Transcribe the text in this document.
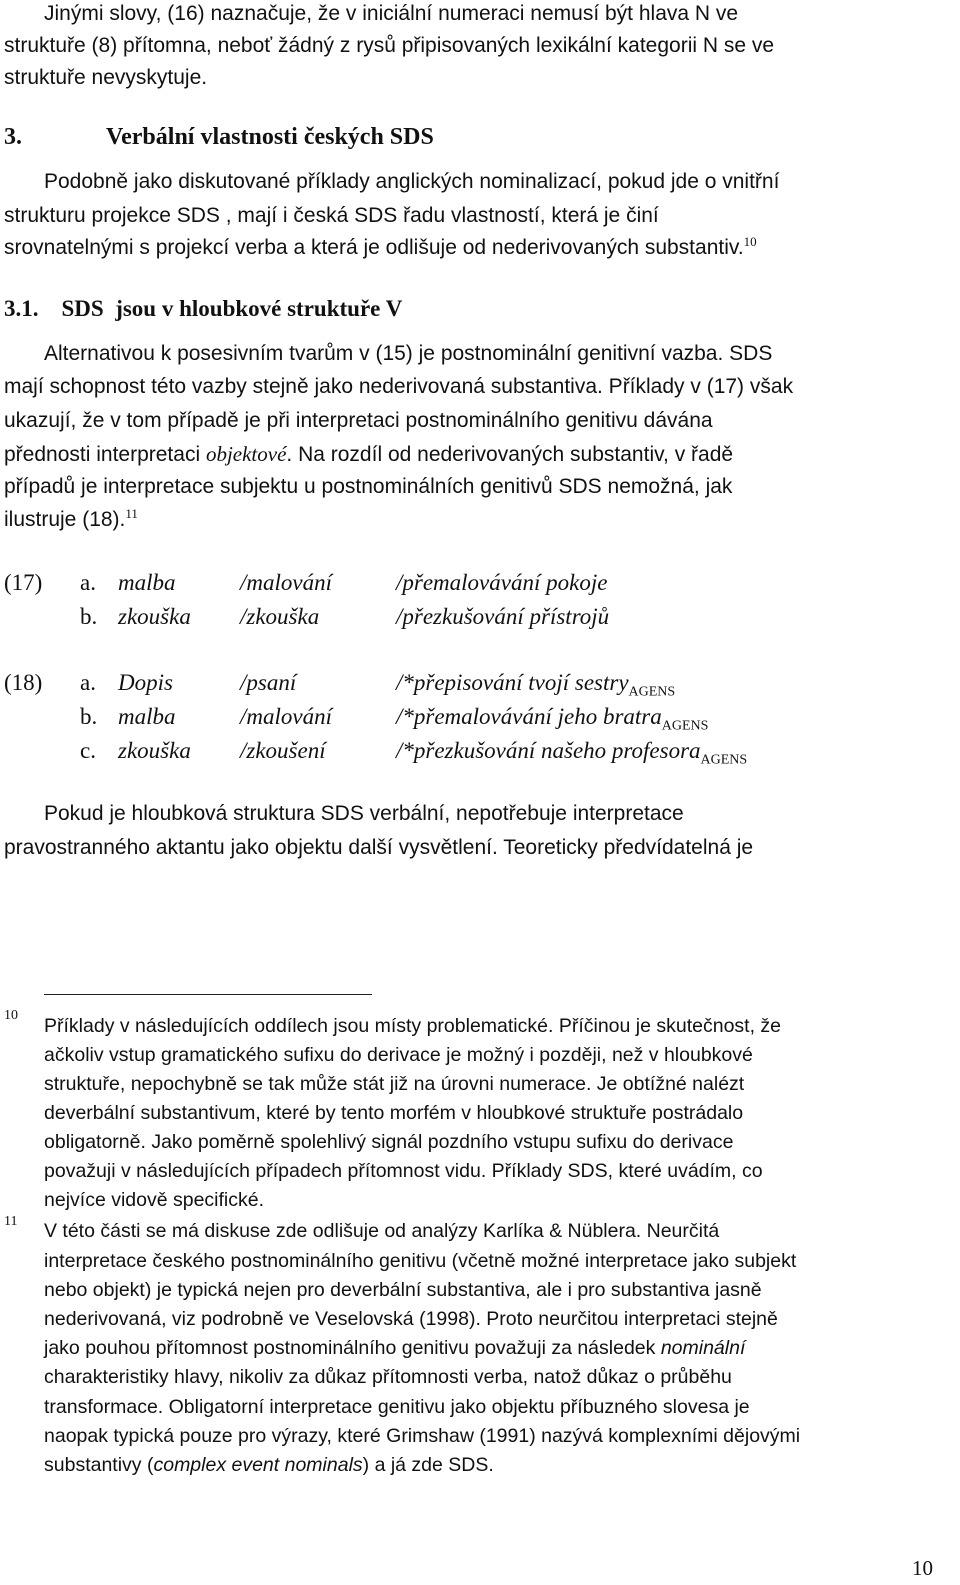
Jinými slovy, (16) naznačuje, že v iniciální numeraci nemusí být hlava N ve
struktuře (8) přítomna, neboť žádný z rysů připisovaných lexikální kategorii N se ve
struktuře nevyskytuje.
3.	Verbální vlastnosti českých SDS
Podobně jako diskutované příklady anglických nominalizací, pokud jde o vnitřní
strukturu projekce SDS , mají i česká SDS řadu vlastností, která je činí
srovnatelnými s projekcí verba a která je odlišuje od nederivovaných substantiv.$^{10}$
3.1.    SDS  jsou v hloubkové struktuře V
Alternativou k posesivním tvarům v (15) je postnominální genitivní vazba. SDS
mají schopnost této vazby stejně jako nederivovaná substantiva. Příklady v (17) však
ukazují, že v tom případě je při interpretaci postnominálního genitivu dávána
přednosti interpretaci objektové. Na rozdíl od nederivovaných substantiv, v řadě
případů je interpretace subjektu u postnominálních genitivů SDS nemožná, jak
ilustruje (18).$^{11}$
(17) a. malba	/malování	/přemalovávání pokoje
b. zkouška /zkouška	/přezkušování přístrojů
(18) a. Dopis	/psaní	/*přepisování tvojí sestry$_{AGENS}$
b. malba	/malování	/*přemalovávání jeho bratra$_{AGENS}$
c. zkouška /zkoušení	/*přezkušování našeho profesora$_{AGENS}$
Pokud je hloubková struktura SDS verbální, nepotřebuje interpretace
pravostranného aktantu jako objektu další vysvětlení. Teoreticky předvídatelná je
10 Příklady v následujících oddílech jsou místy problematické. Příčinou je skutečnost, že
ačkoliv vstup gramatického sufixu do derivace je možný i později, než v hloubkové
struktuře, nepochybně se tak může stát již na úrovni numerace. Je obtížné nalézt
deverbální substantivum, které by tento morfém v hloubkové struktuře postrádalo
obligatorně. Jako poměrně spolehlivý signál pozdního vstupu sufixu do derivace
považuji v následujících případech přítomnost vidu. Příklady SDS, které uvádím, co
nejvíce vidově specifické.
11 V této části se má diskuse zde odlišuje od analýzy Karlíka & Nüblera. Neurčitá
interpretace českého postnominálního genitivu (včetně možné interpretace jako subjekt
nebo objekt) je typická nejen pro deverbální substantiva, ale i pro substantiva jasně
nederivovaná, viz podrobně ve Veselovská (1998). Proto neurčitou interpretaci stejně
jako pouhou přítomnost postnominálního genitivu považuji za následek nominální
charakteristiky hlavy, nikoliv za důkaz přítomnosti verba, natož důkaz o průběhu
transformace. Obligatorní interpretace genitivu jako objektu příbuzného slovesa je
naopak typická pouze pro výrazy, které Grimshaw (1991) nazývá komplexními dějovými
substantivy (complex event nominals) a já zde SDS.
10
